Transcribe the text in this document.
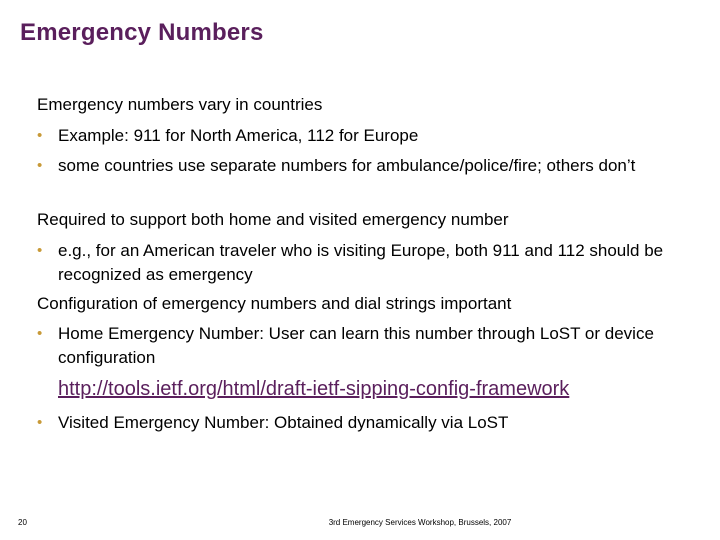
Emergency Numbers
Emergency numbers vary in countries
• Example: 911 for North America, 112 for Europe
• some countries use separate numbers for ambulance/police/fire; others don’t
Required to support both home and visited emergency number
• e.g., for an American traveler who is visiting Europe, both 911 and 112 should be recognized as emergency
Configuration of emergency numbers and dial strings important
• Home Emergency Number: User can learn this number through LoST or device configuration
http://tools.ietf.org/html/draft-ietf-sipping-config-framework
• Visited Emergency Number: Obtained dynamically via LoST
20	3rd Emergency Services Workshop, Brussels, 2007
